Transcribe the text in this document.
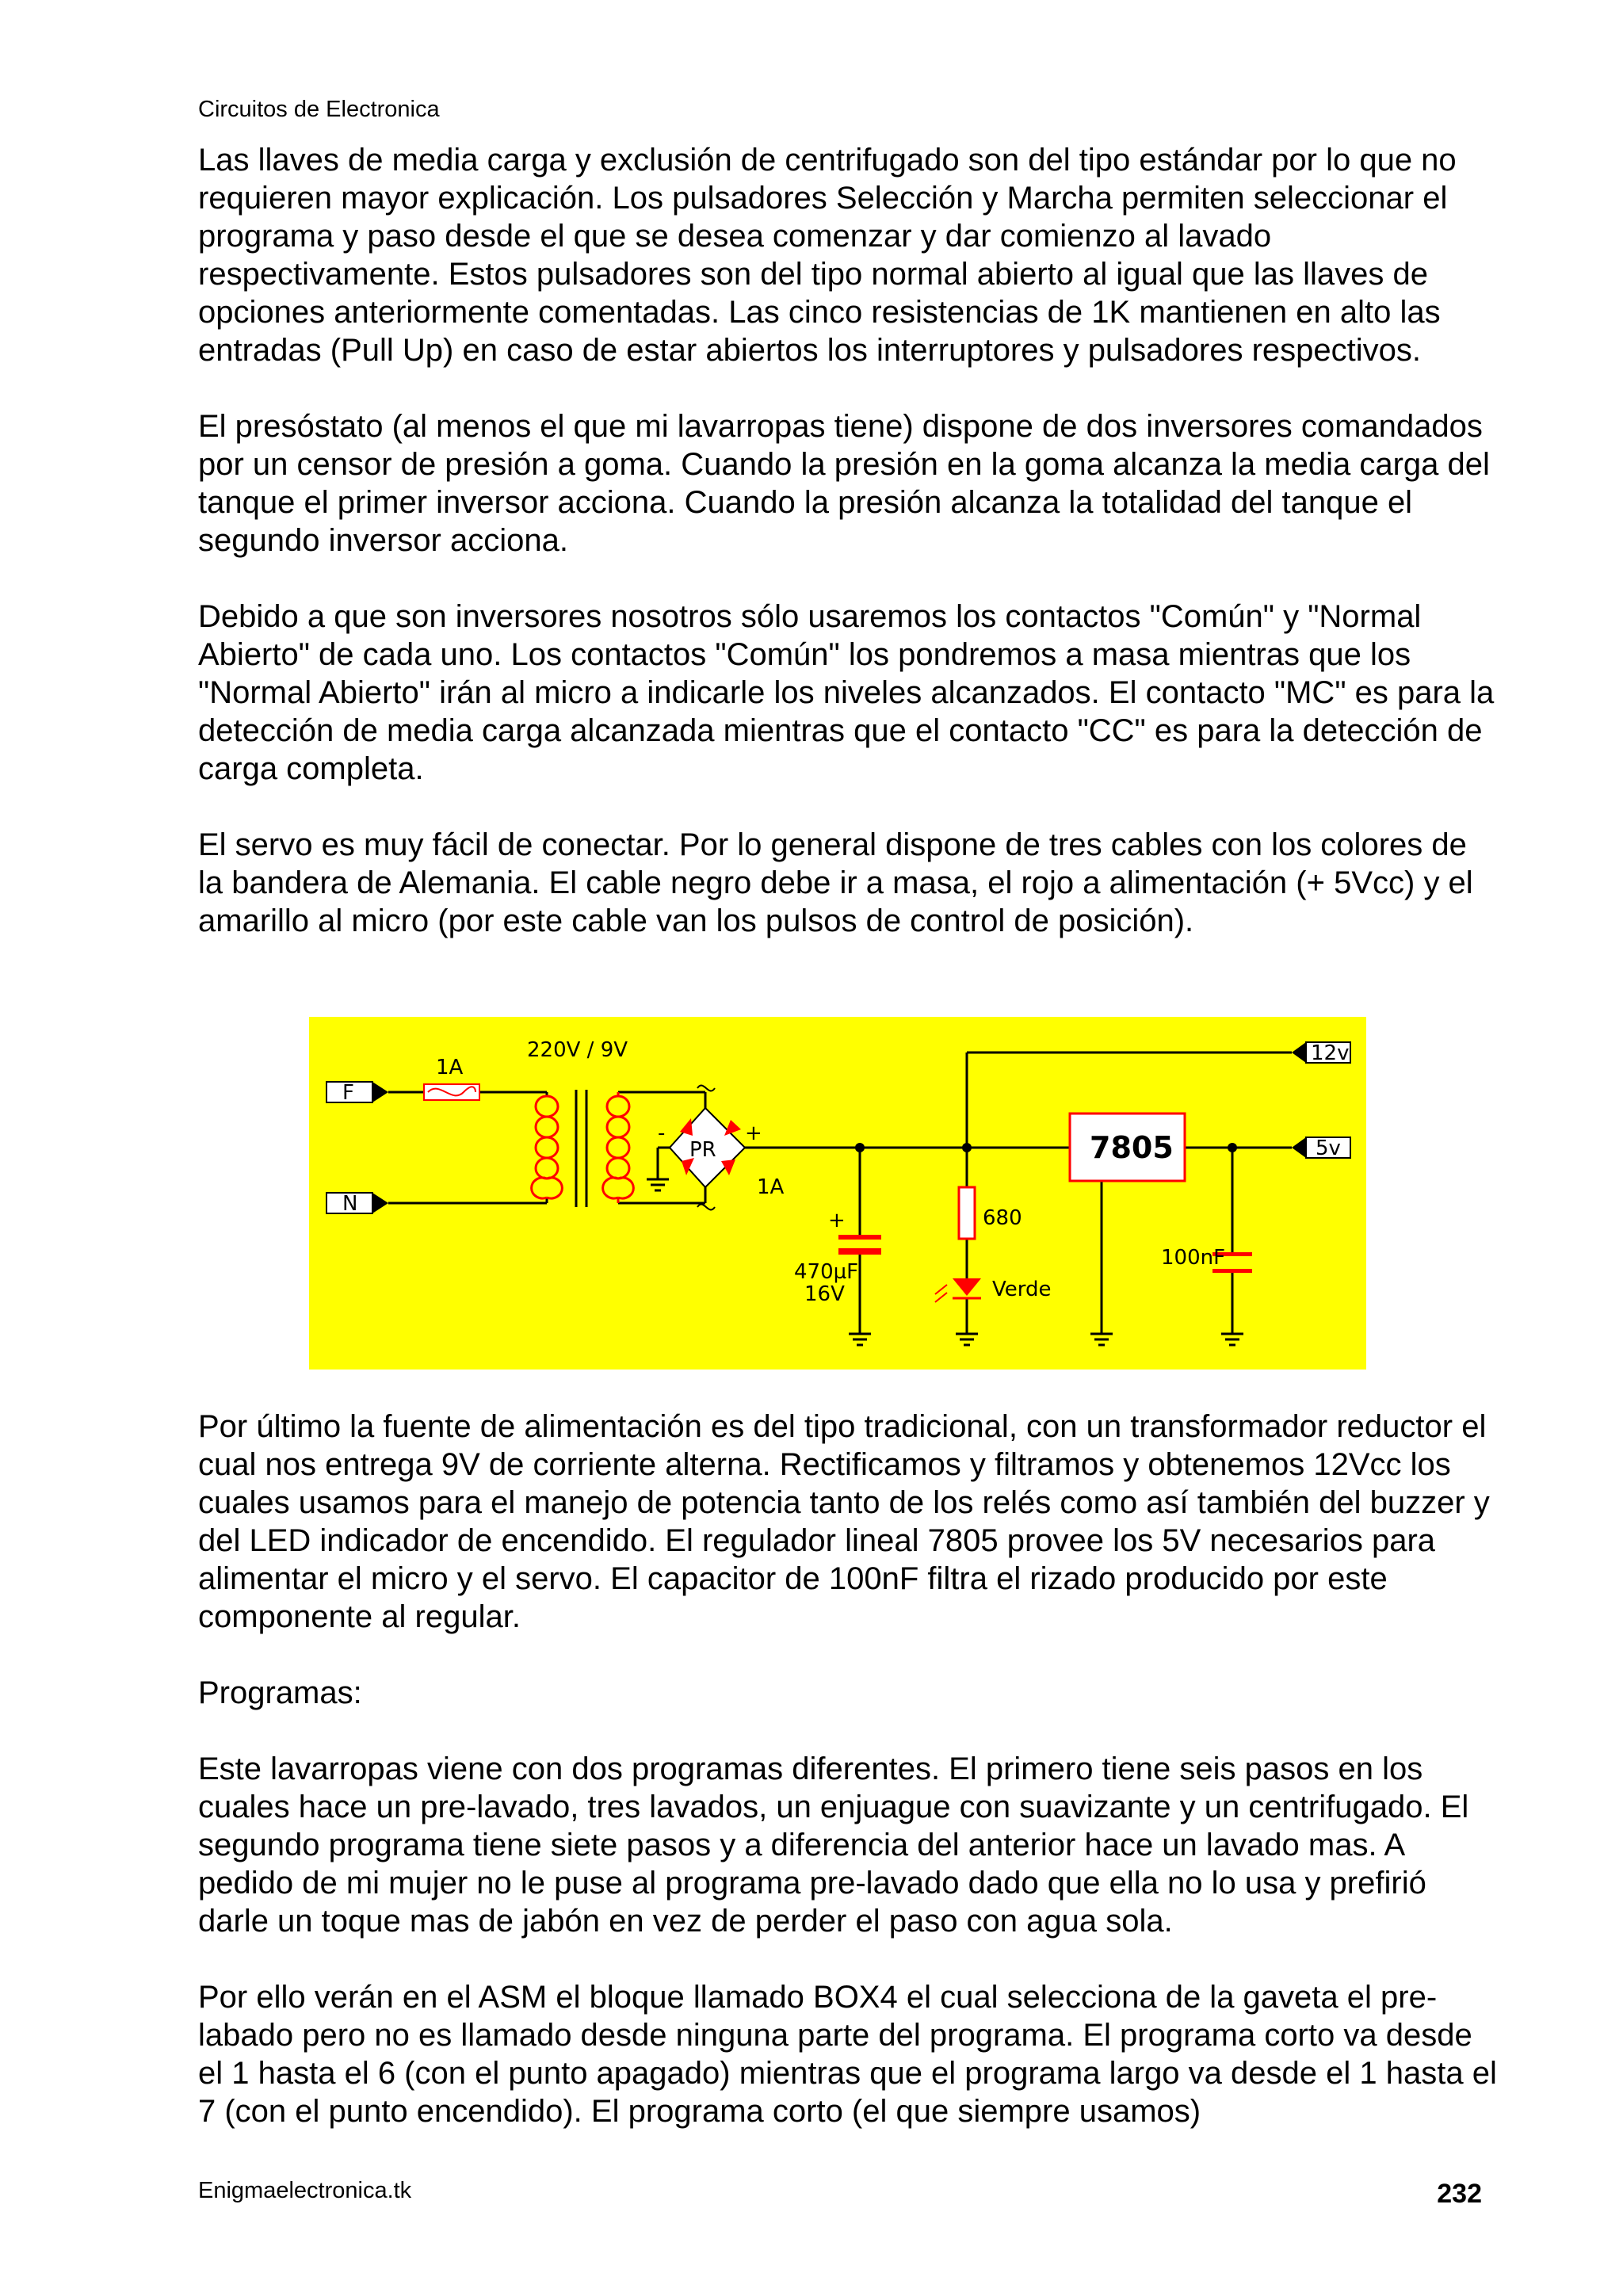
Circuitos de Electronica

Las llaves de media carga y exclusión de centrifugado son del tipo estándar por lo que no requieren mayor explicación. Los pulsadores Selección y Marcha permiten seleccionar el programa y paso desde el que se desea comenzar y dar comienzo al lavado respectivamente. Estos pulsadores son del tipo normal abierto al igual que las llaves de opciones anteriormente comentadas. Las cinco resistencias de 1K mantienen en alto las entradas (Pull Up) en caso de estar abiertos los interruptores y pulsadores respectivos.

El presóstato (al menos el que mi lavarropas tiene) dispone de dos inversores comandados por un censor de presión a goma. Cuando la presión en la goma alcanza la media carga del tanque el primer inversor acciona. Cuando la presión alcanza la totalidad del tanque el segundo inversor acciona.

Debido a que son inversores nosotros sólo usaremos los contactos "Común" y "Normal Abierto" de cada uno. Los contactos "Común" los pondremos a masa mientras que los "Normal Abierto" irán al micro a indicarle los niveles alcanzados. El contacto "MC" es para la detección de media carga alcanzada mientras que el contacto "CC" es para la detección de carga completa.

El servo es muy fácil de conectar. Por lo general dispone de tres cables con los colores de la bandera de Alemania. El cable negro debe ir a masa, el rojo a alimentación (+ 5Vcc) y el amarillo al micro (por este cable van los pulsos de control de posición).

F
N
1A
220V / 9V
PR
-	+
1A
+
470µF
16V
680
Verde
7805
100nF
12v
5v

Por último la fuente de alimentación es del tipo tradicional, con un transformador reductor el cual nos entrega 9V de corriente alterna. Rectificamos y filtramos y obtenemos 12Vcc los cuales usamos para el manejo de potencia tanto de los relés como así también del buzzer y del LED indicador de encendido. El regulador lineal 7805 provee los 5V necesarios para alimentar el micro y el servo. El capacitor de 100nF filtra el rizado producido por este componente al regular.

Programas:

Este lavarropas viene con dos programas diferentes. El primero tiene seis pasos en los cuales hace un pre-lavado, tres lavados, un enjuague con suavizante y un centrifugado. El segundo programa tiene siete pasos y a diferencia del anterior hace un lavado mas. A pedido de mi mujer no le puse al programa pre-lavado dado que ella no lo usa y prefirió darle un toque mas de jabón en vez de perder el paso con agua sola.

Por ello verán en el ASM el bloque llamado BOX4 el cual selecciona de la gaveta el pre-labado pero no es llamado desde ninguna parte del programa. El programa corto va desde el 1 hasta el 6 (con el punto apagado) mientras que el programa largo va desde el 1 hasta el 7 (con el punto encendido). El programa corto (el que siempre usamos)

Enigmaelectronica.tk	232
